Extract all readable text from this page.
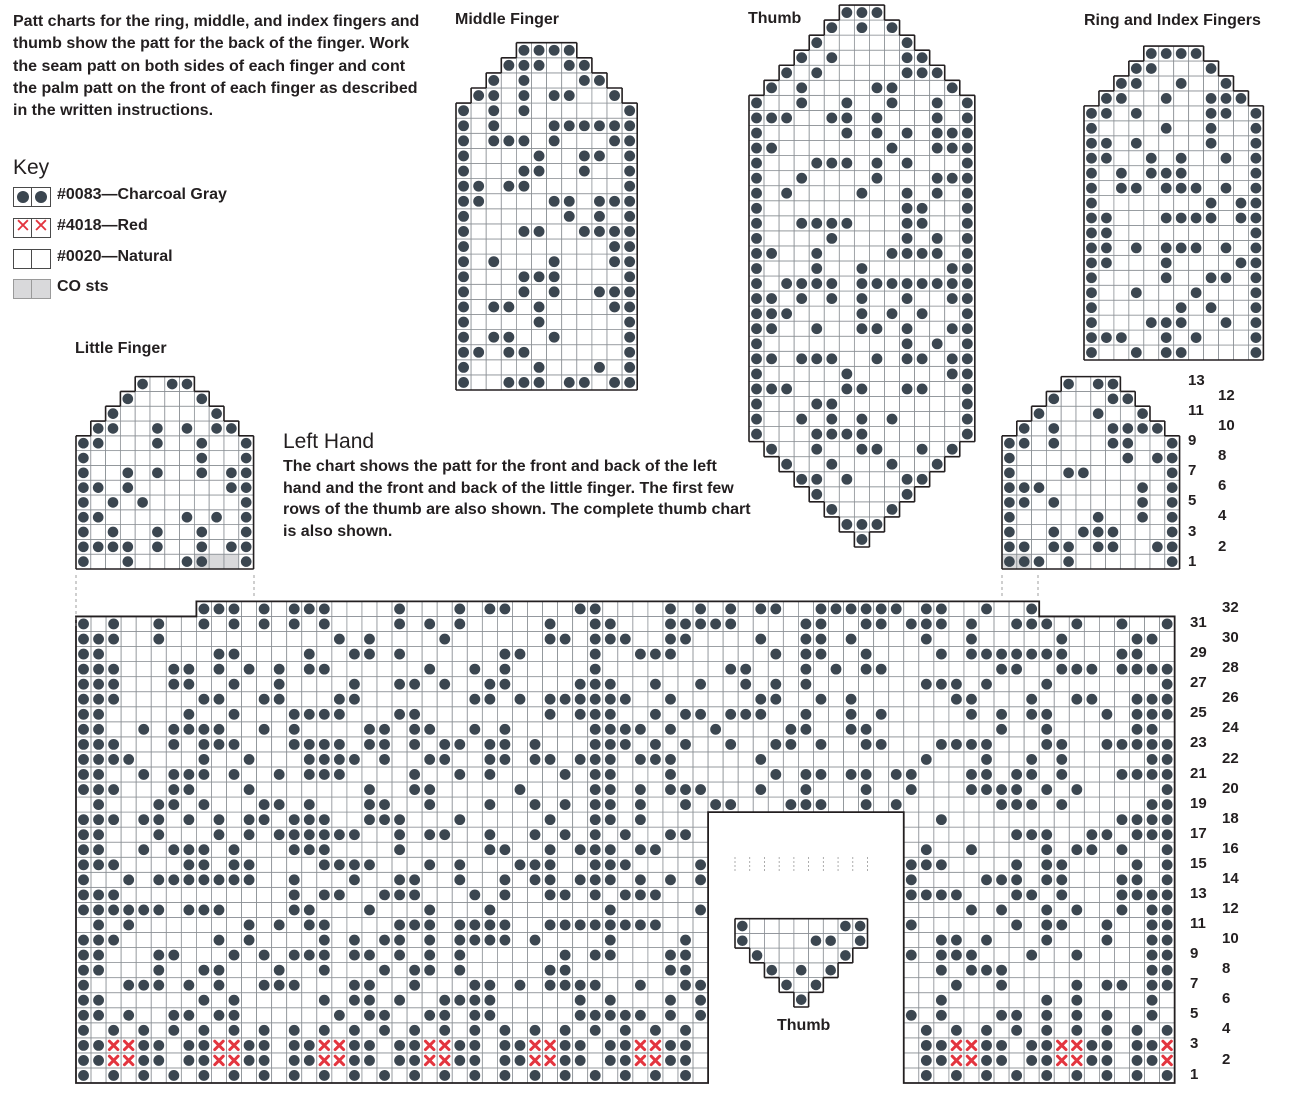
Patt charts for the ring, middle, and index fingers and thumb show the patt for the back of the finger. Work the seam patt on both sides of each finger and cont the palm patt on the front of each finger as described in the written instructions.
Key
#0083—Charcoal Gray
✕ ✕ #4018—Red
#0020—Natural
CO sts
Middle Finger	Thumb	Ring and Index Fingers
Little Finger
Thumb
Left Hand
The chart shows the patt for the front and back of the left hand and the front and back of the little finger. The first few rows of the thumb are also shown. The complete thumb chart is also shown.
13
12
11
10
9
8
7
6
5
4
3
2
1
32
31
30
29
28
27
26
25
24
23
22
21
20
19
18
17
16
15
14
13
12
11
10
9
8
7
6
5
4
3
2
1
